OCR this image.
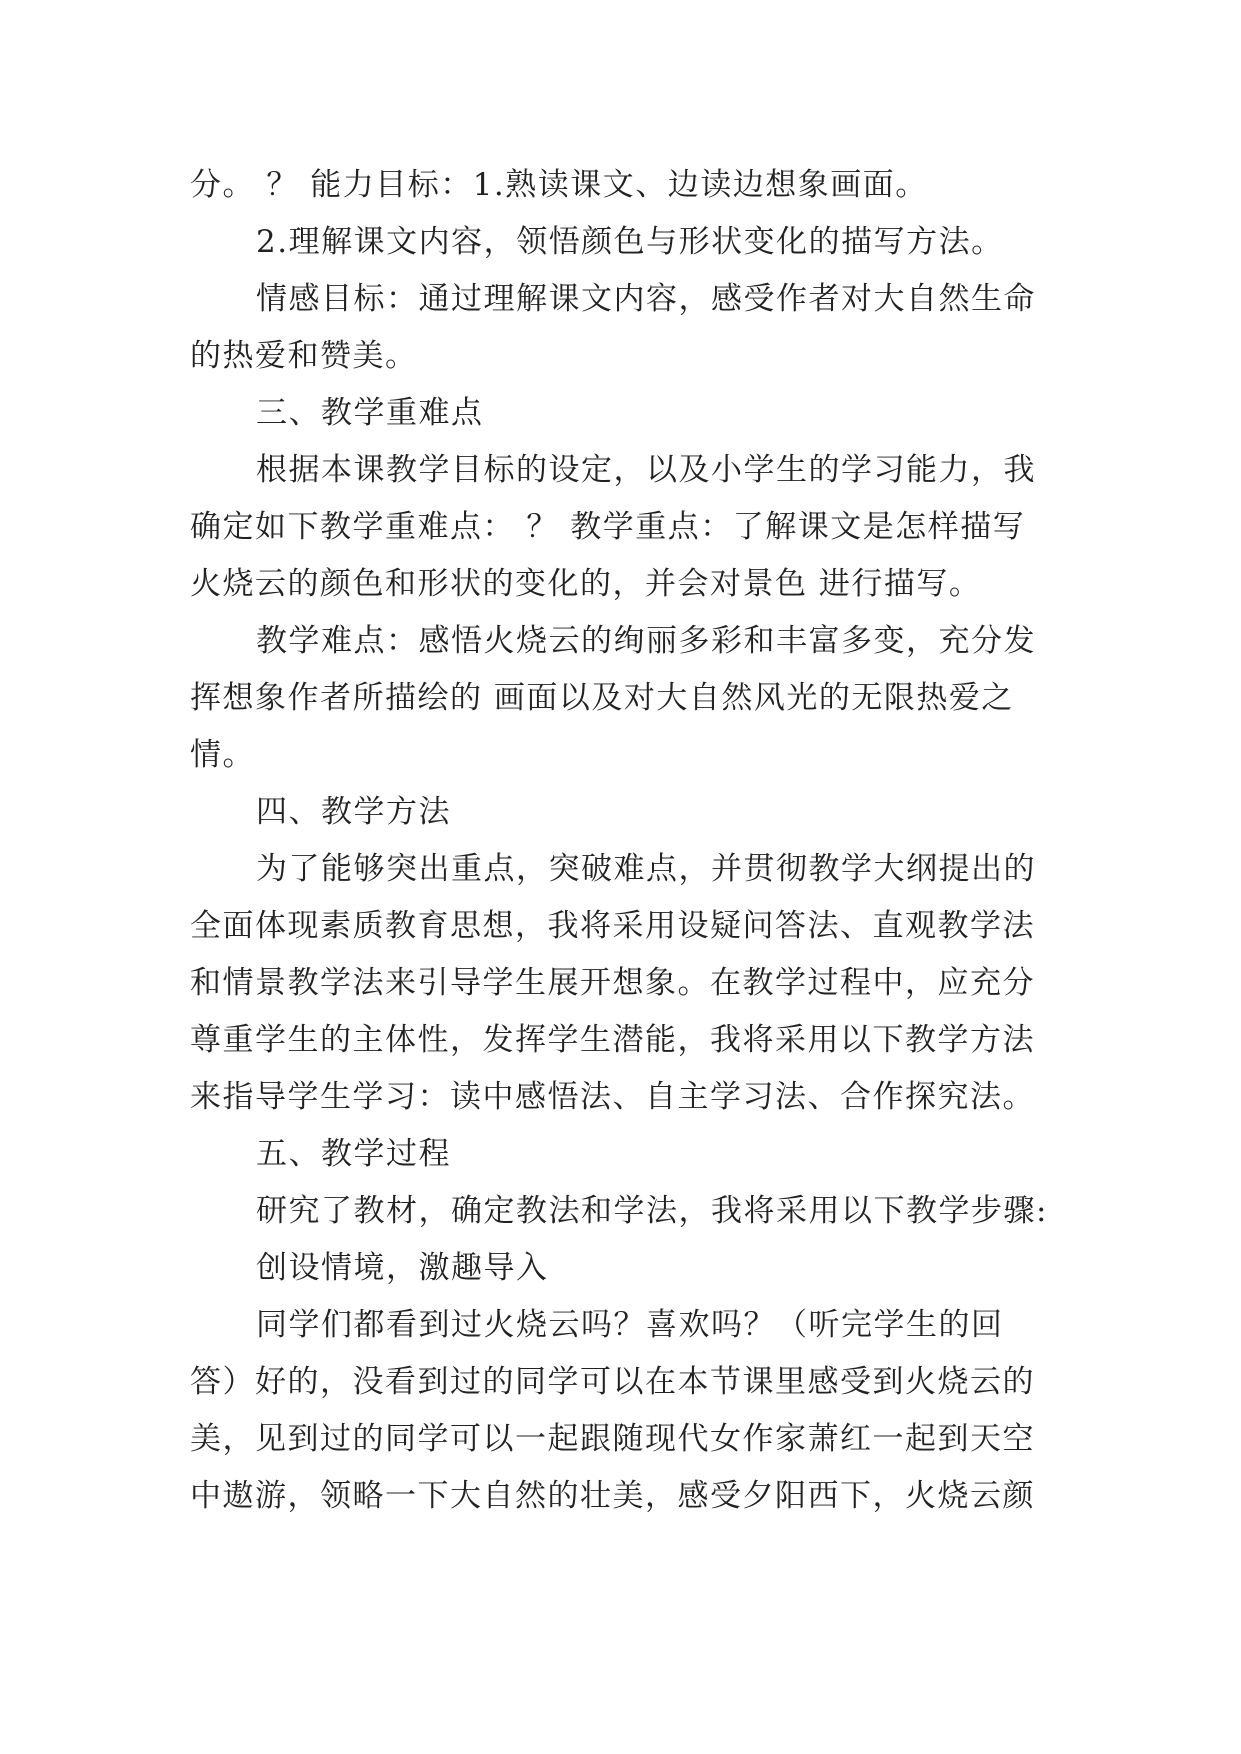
分。 ？ 能力目标：1.熟读课文、边读边想象画面。
2.理解课文内容，领悟颜色与形状变化的描写方法。
情感目标：通过理解课文内容，感受作者对大自然生命
的热爱和赞美。
三、教学重难点
根据本课教学目标的设定，以及小学生的学习能力，我
确定如下教学重难点： ？ 教学重点：了解课文是怎样描写
火烧云的颜色和形状的变化的，并会对景色 进行描写。
教学难点：感悟火烧云的绚丽多彩和丰富多变，充分发
挥想象作者所描绘的 画面以及对大自然风光的无限热爱之
情。
四、教学方法
为了能够突出重点，突破难点，并贯彻教学大纲提出的
全面体现素质教育思想，我将采用设疑问答法、直观教学法
和情景教学法来引导学生展开想象。在教学过程中，应充分
尊重学生的主体性，发挥学生潜能，我将采用以下教学方法
来指导学生学习：读中感悟法、自主学习法、合作探究法。
五、教学过程
研究了教材，确定教法和学法，我将采用以下教学步骤:
创设情境，激趣导入
同学们都看到过火烧云吗？喜欢吗？（听完学生的回
答）好的，没看到过的同学可以在本节课里感受到火烧云的
美，见到过的同学可以一起跟随现代女作家萧红一起到天空
中遨游，领略一下大自然的壮美，感受夕阳西下，火烧云颜
